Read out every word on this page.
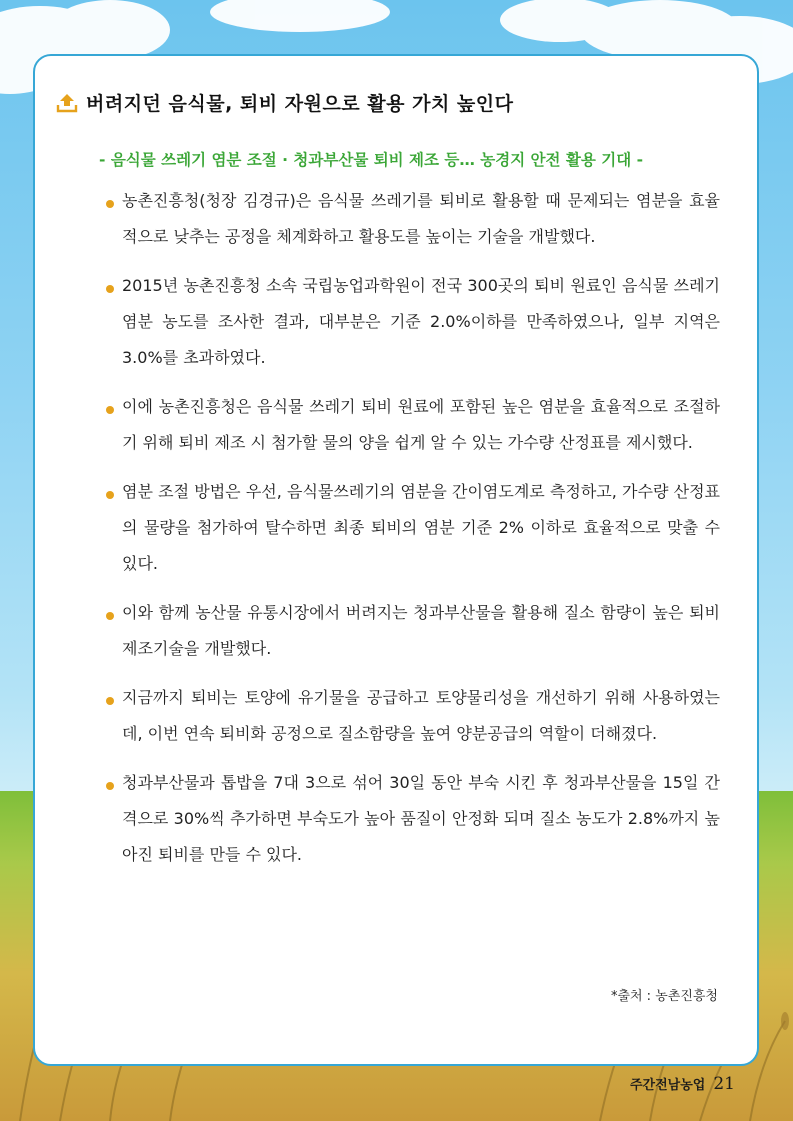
버려지던 음식물, 퇴비 자원으로 활용 가치 높인다
- 음식물 쓰레기 염분 조절 · 청과부산물 퇴비 제조 등… 농경지 안전 활용 기대 -
농촌진흥청(청장 김경규)은 음식물 쓰레기를 퇴비로 활용할 때 문제되는 염분을 효율적으로 낮추는 공정을 체계화하고 활용도를 높이는 기술을 개발했다.
2015년 농촌진흥청 소속 국립농업과학원이 전국 300곳의 퇴비 원료인 음식물 쓰레기 염분 농도를 조사한 결과, 대부분은 기준 2.0%이하를 만족하였으나, 일부 지역은 3.0%를 초과하였다.
이에 농촌진흥청은 음식물 쓰레기 퇴비 원료에 포함된 높은 염분을 효율적으로 조절하기 위해 퇴비 제조 시 첨가할 물의 양을 쉽게 알 수 있는 가수량 산정표를 제시했다.
염분 조절 방법은 우선, 음식물쓰레기의 염분을 간이염도계로 측정하고, 가수량 산정표의 물량을 첨가하여 탈수하면 최종 퇴비의 염분 기준 2% 이하로 효율적으로 맞출 수 있다.
이와 함께 농산물 유통시장에서 버려지는 청과부산물을 활용해 질소 함량이 높은 퇴비 제조기술을 개발했다.
지금까지 퇴비는 토양에 유기물을 공급하고 토양물리성을 개선하기 위해 사용하였는데, 이번 연속 퇴비화 공정으로 질소함량을 높여 양분공급의 역할이 더해졌다.
청과부산물과 톱밥을 7대 3으로 섞어 30일 동안 부숙 시킨 후 청과부산물을 15일 간격으로 30%씩 추가하면 부숙도가 높아 품질이 안정화 되며 질소 농도가 2.8%까지 높아진 퇴비를 만들 수 있다.
*출처 : 농촌진흥청
주간전남농업 21
